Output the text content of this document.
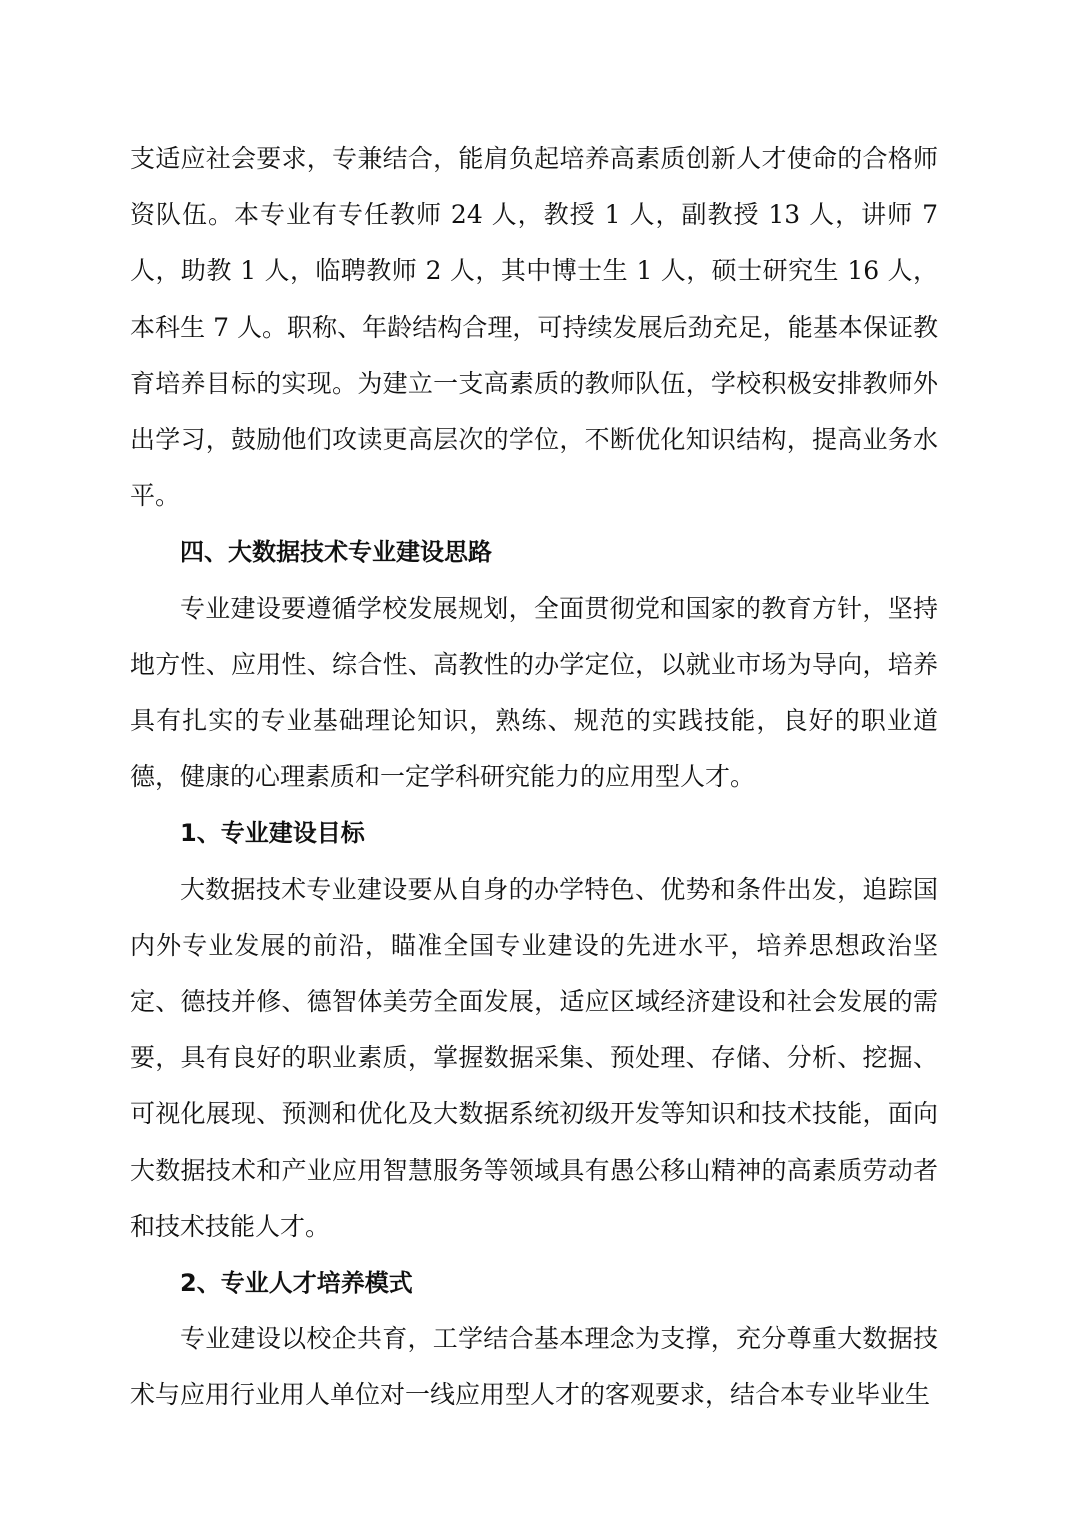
支适应社会要求，专兼结合，能肩负起培养高素质创新人才使命的合格师资队伍。本专业有专任教师 24 人，教授 1 人，副教授 13 人，讲师 7 人，助教 1 人，临聘教师 2 人，其中博士生 1 人，硕士研究生 16 人，本科生 7 人。职称、年龄结构合理，可持续发展后劲充足，能基本保证教育培养目标的实现。为建立一支高素质的教师队伍，学校积极安排教师外出学习，鼓励他们攻读更高层次的学位，不断优化知识结构，提高业务水平。

四、大数据技术专业建设思路

专业建设要遵循学校发展规划，全面贯彻党和国家的教育方针，坚持地方性、应用性、综合性、高教性的办学定位，以就业市场为导向，培养具有扎实的专业基础理论知识，熟练、规范的实践技能，良好的职业道德，健康的心理素质和一定学科研究能力的应用型人才。

1、专业建设目标

大数据技术专业建设要从自身的办学特色、优势和条件出发，追踪国内外专业发展的前沿，瞄准全国专业建设的先进水平，培养思想政治坚定、德技并修、德智体美劳全面发展，适应区域经济建设和社会发展的需要，具有良好的职业素质，掌握数据采集、预处理、存储、分析、挖掘、可视化展现、预测和优化及大数据系统初级开发等知识和技术技能，面向大数据技术和产业应用智慧服务等领域具有愚公移山精神的高素质劳动者和技术技能人才。

2、专业人才培养模式

专业建设以校企共育，工学结合基本理念为支撑，充分尊重大数据技术与应用行业用人单位对一线应用型人才的客观要求，结合本专业毕业生
